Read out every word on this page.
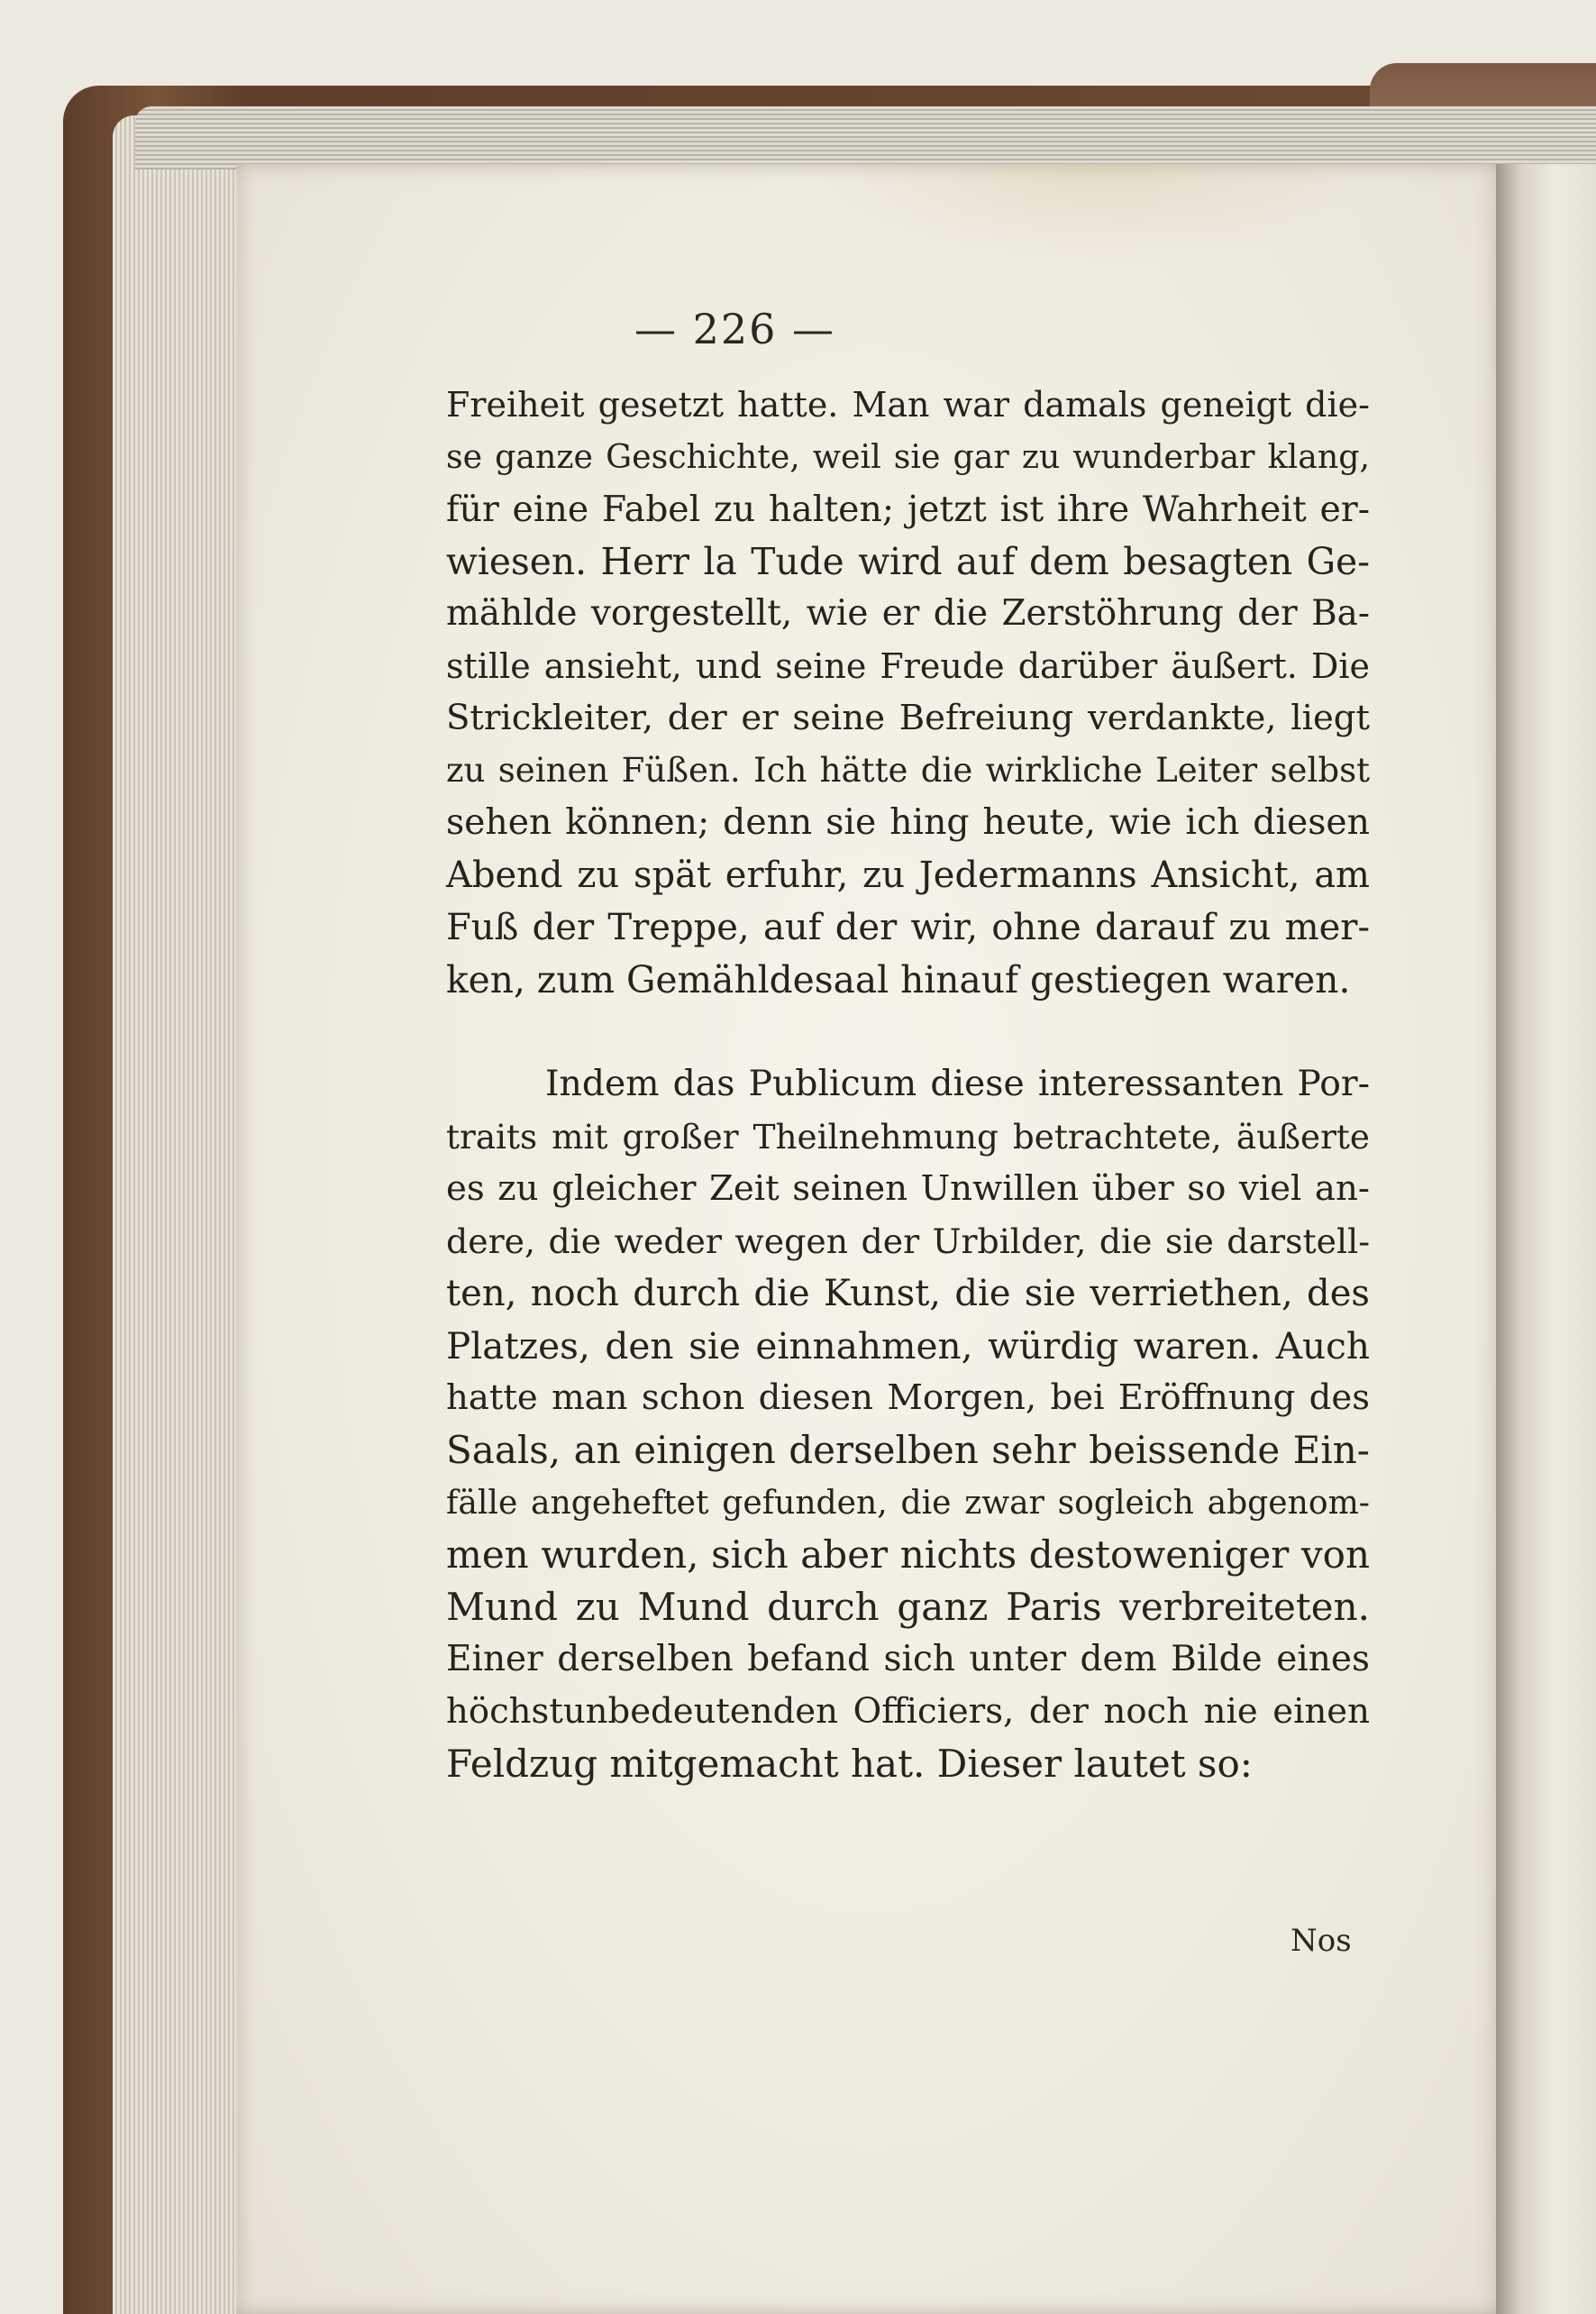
— 226 —
Freiheit gesetzt hatte. Man war damals geneigt die-
se ganze Geschichte, weil sie gar zu wunderbar klang,
für eine Fabel zu halten; jetzt ist ihre Wahrheit er-
wiesen. Herr la Tude wird auf dem besagten Ge-
mählde vorgestellt, wie er die Zerstöhrung der Ba-
stille ansieht, und seine Freude darüber äußert. Die
Strickleiter, der er seine Befreiung verdankte, liegt
zu seinen Füßen. Ich hätte die wirkliche Leiter selbst
sehen können; denn sie hing heute, wie ich diesen
Abend zu spät erfuhr, zu Jedermanns Ansicht, am
Fuß der Treppe, auf der wir, ohne darauf zu mer-
ken, zum Gemähldesaal hinauf gestiegen waren.
Indem das Publicum diese interessanten Por-
traits mit großer Theilnehmung betrachtete, äußerte
es zu gleicher Zeit seinen Unwillen über so viel an-
dere, die weder wegen der Urbilder, die sie darstell-
ten, noch durch die Kunst, die sie verriethen, des
Platzes, den sie einnahmen, würdig waren. Auch
hatte man schon diesen Morgen, bei Eröffnung des
Saals, an einigen derselben sehr beissende Ein-
fälle angeheftet gefunden, die zwar sogleich abgenom-
men wurden, sich aber nichts destoweniger von
Mund zu Mund durch ganz Paris verbreiteten.
Einer derselben befand sich unter dem Bilde eines
höchstunbedeutenden Officiers, der noch nie einen
Feldzug mitgemacht hat. Dieser lautet so:
Nos
